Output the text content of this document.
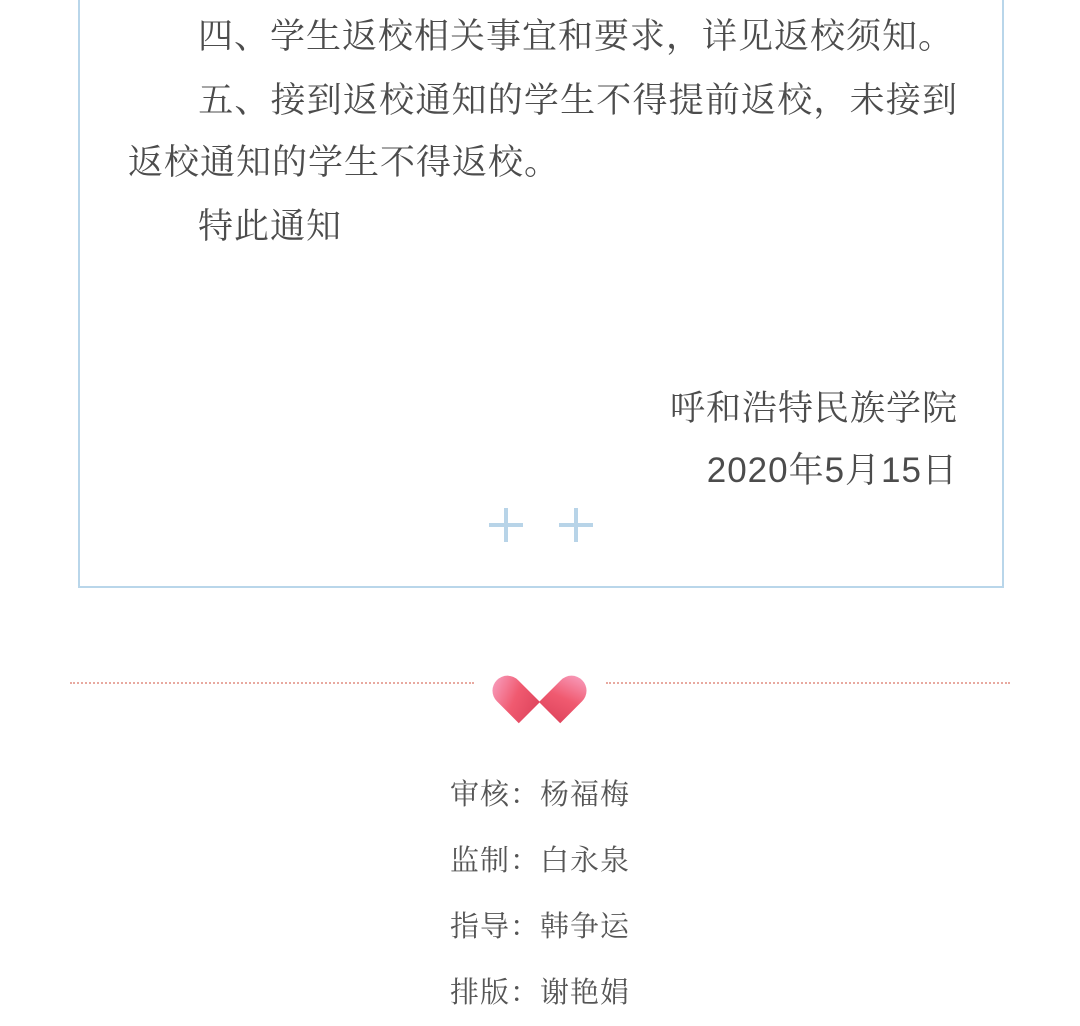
四、学生返校相关事宜和要求，详见返校须知。

五、接到返校通知的学生不得提前返校，未接到返校通知的学生不得返校。

特此通知

呼和浩特民族学院
2020年5月15日
审核：杨福梅
监制：白永泉
指导：韩争运
排版：谢艳娟
